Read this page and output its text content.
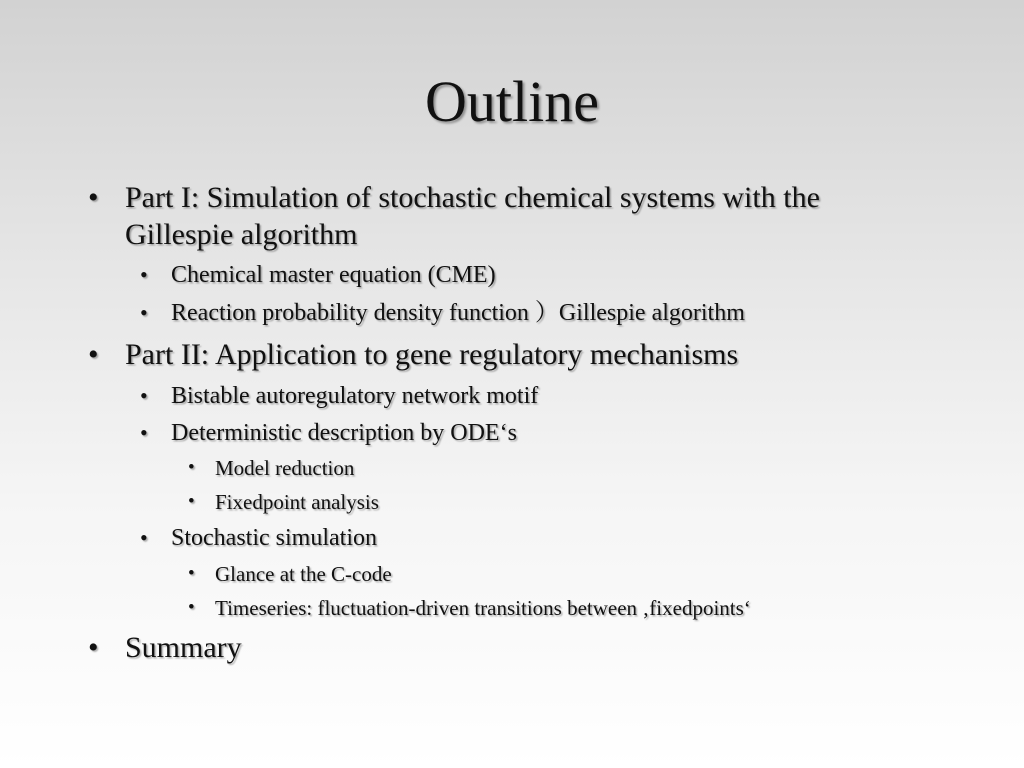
Outline
• Part I: Simulation of stochastic chemical systems with the
Gillespie algorithm
• Chemical master equation (CME)
• Reaction probability density function ）Gillespie algorithm
• Part II: Application to gene regulatory mechanisms
• Bistable autoregulatory network motif
• Deterministic description by ODE‘s
• Model reduction
• Fixedpoint analysis
• Stochastic simulation
• Glance at the C-code
• Timeseries: fluctuation-driven transitions between ‚fixedpoints‘
• Summary
